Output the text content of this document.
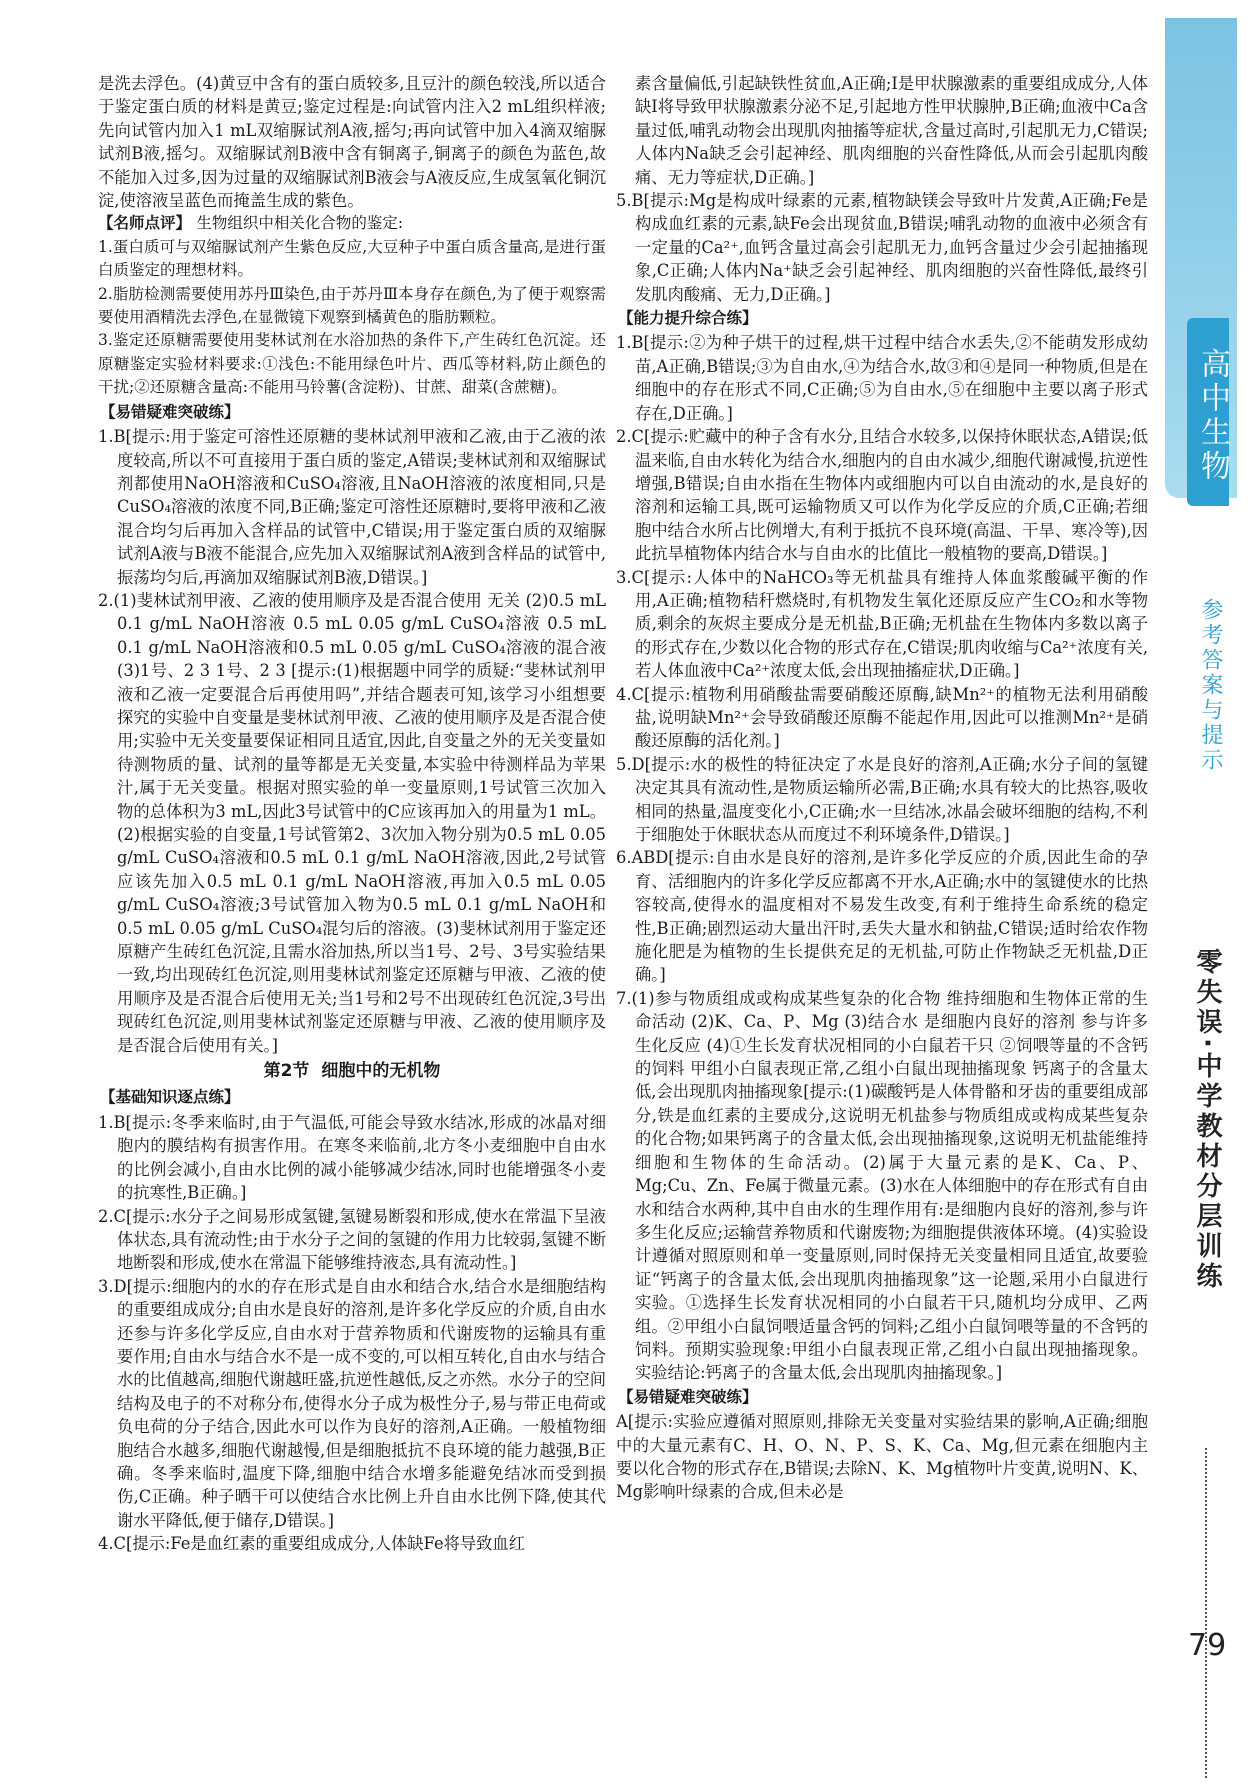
是洗去浮色。(4)黄豆中含有的蛋白质较多,且豆汁的颜色较浅,所以适合于鉴定蛋白质的材料是黄豆;鉴定过程是:向试管内注入2 mL组织样液;先向试管内加入1 mL双缩脲试剂A液,摇匀;再向试管中加入4滴双缩脲试剂B液,摇匀。双缩脲试剂B液中含有铜离子,铜离子的颜色为蓝色,故不能加入过多,因为过量的双缩脲试剂B液会与A液反应,生成氢氧化铜沉淀,使溶液呈蓝色而掩盖生成的紫色。

【名师点评】 生物组织中相关化合物的鉴定:

1.蛋白质可与双缩脲试剂产生紫色反应,大豆种子中蛋白质含量高,是进行蛋白质鉴定的理想材料。

2.脂肪检测需要使用苏丹Ⅲ染色,由于苏丹Ⅲ本身存在颜色,为了便于观察需要使用酒精洗去浮色,在显微镜下观察到橘黄色的脂肪颗粒。

3.鉴定还原糖需要使用斐林试剂在水浴加热的条件下,产生砖红色沉淀。还原糖鉴定实验材料要求:①浅色:不能用绿色叶片、西瓜等材料,防止颜色的干扰;②还原糖含量高:不能用马铃薯(含淀粉)、甘蔗、甜菜(含蔗糖)。

【易错疑难突破练】

1.B[提示:用于鉴定可溶性还原糖的斐林试剂甲液和乙液,由于乙液的浓度较高,所以不可直接用于蛋白质的鉴定,A错误;斐林试剂和双缩脲试剂都使用NaOH溶液和CuSO₄溶液,且NaOH溶液的浓度相同,只是CuSO₄溶液的浓度不同,B正确;鉴定可溶性还原糖时,要将甲液和乙液混合均匀后再加入含样品的试管中,C错误;用于鉴定蛋白质的双缩脲试剂A液与B液不能混合,应先加入双缩脲试剂A液到含样品的试管中,振荡均匀后,再滴加双缩脲试剂B液,D错误。]

2.(1)斐林试剂甲液、乙液的使用顺序及是否混合使用 无关 (2)0.5 mL 0.1 g/mL NaOH溶液 0.5 mL 0.05 g/mL CuSO₄溶液 0.5 mL 0.1 g/mL NaOH溶液和0.5 mL 0.05 g/mL CuSO₄溶液的混合液 (3)1号、2 3 1号、2 3 [提示:(1)根据题中同学的质疑:“斐林试剂甲液和乙液一定要混合后再使用吗”,并结合题表可知,该学习小组想要探究的实验中自变量是斐林试剂甲液、乙液的使用顺序及是否混合使用;实验中无关变量要保证相同且适宜,因此,自变量之外的无关变量如待测物质的量、试剂的量等都是无关变量,本实验中待测样品为苹果汁,属于无关变量。根据对照实验的单一变量原则,1号试管三次加入物的总体积为3 mL,因此3号试管中的C应该再加入的用量为1 mL。(2)根据实验的自变量,1号试管第2、3次加入物分别为0.5 mL 0.05 g/mL CuSO₄溶液和0.5 mL 0.1 g/mL NaOH溶液,因此,2号试管应该先加入0.5 mL 0.1 g/mL NaOH溶液,再加入0.5 mL 0.05 g/mL CuSO₄溶液;3号试管加入物为0.5 mL 0.1 g/mL NaOH和0.5 mL 0.05 g/mL CuSO₄混匀后的溶液。(3)斐林试剂用于鉴定还原糖产生砖红色沉淀,且需水浴加热,所以当1号、2号、3号实验结果一致,均出现砖红色沉淀,则用斐林试剂鉴定还原糖与甲液、乙液的使用顺序及是否混合后使用无关;当1号和2号不出现砖红色沉淀,3号出现砖红色沉淀,则用斐林试剂鉴定还原糖与甲液、乙液的使用顺序及是否混合后使用有关。]

第2节 细胞中的无机物

【基础知识逐点练】

1.B[提示:冬季来临时,由于气温低,可能会导致水结冰,形成的冰晶对细胞内的膜结构有损害作用。在寒冬来临前,北方冬小麦细胞中自由水的比例会减小,自由水比例的减小能够减少结冰,同时也能增强冬小麦的抗寒性,B正确。]

2.C[提示:水分子之间易形成氢键,氢键易断裂和形成,使水在常温下呈液体状态,具有流动性;由于水分子之间的氢键的作用力比较弱,氢键不断地断裂和形成,使水在常温下能够维持液态,具有流动性。]

3.D[提示:细胞内的水的存在形式是自由水和结合水,结合水是细胞结构的重要组成成分;自由水是良好的溶剂,是许多化学反应的介质,自由水还参与许多化学反应,自由水对于营养物质和代谢废物的运输具有重要作用;自由水与结合水不是一成不变的,可以相互转化,自由水与结合水的比值越高,细胞代谢越旺盛,抗逆性越低,反之亦然。水分子的空间结构及电子的不对称分布,使得水分子成为极性分子,易与带正电荷或负电荷的分子结合,因此水可以作为良好的溶剂,A正确。一般植物细胞结合水越多,细胞代谢越慢,但是细胞抵抗不良环境的能力越强,B正确。冬季来临时,温度下降,细胞中结合水增多能避免结冰而受到损伤,C正确。种子晒干可以使结合水比例上升自由水比例下降,使其代谢水平降低,便于储存,D错误。]

4.C[提示:Fe是血红素的重要组成成分,人体缺Fe将导致血红

素含量偏低,引起缺铁性贫血,A正确;I是甲状腺激素的重要组成成分,人体缺I将导致甲状腺激素分泌不足,引起地方性甲状腺肿,B正确;血液中Ca含量过低,哺乳动物会出现肌肉抽搐等症状,含量过高时,引起肌无力,C错误;人体内Na缺乏会引起神经、肌肉细胞的兴奋性降低,从而会引起肌肉酸痛、无力等症状,D正确。]

5.B[提示:Mg是构成叶绿素的元素,植物缺镁会导致叶片发黄,A正确;Fe是构成血红素的元素,缺Fe会出现贫血,B错误;哺乳动物的血液中必须含有一定量的Ca²⁺,血钙含量过高会引起肌无力,血钙含量过少会引起抽搐现象,C正确;人体内Na⁺缺乏会引起神经、肌肉细胞的兴奋性降低,最终引发肌肉酸痛、无力,D正确。]

【能力提升综合练】

1.B[提示:②为种子烘干的过程,烘干过程中结合水丢失,②不能萌发形成幼苗,A正确,B错误;③为自由水,④为结合水,故③和④是同一种物质,但是在细胞中的存在形式不同,C正确;⑤为自由水,⑤在细胞中主要以离子形式存在,D正确。]

2.C[提示:贮藏中的种子含有水分,且结合水较多,以保持休眠状态,A错误;低温来临,自由水转化为结合水,细胞内的自由水减少,细胞代谢减慢,抗逆性增强,B错误;自由水指在生物体内或细胞内可以自由流动的水,是良好的溶剂和运输工具,既可运输物质又可以作为化学反应的介质,C正确;若细胞中结合水所占比例增大,有利于抵抗不良环境(高温、干旱、寒冷等),因此抗旱植物体内结合水与自由水的比值比一般植物的要高,D错误。]

3.C[提示:人体中的NaHCO₃等无机盐具有维持人体血浆酸碱平衡的作用,A正确;植物秸秆燃烧时,有机物发生氧化还原反应产生CO₂和水等物质,剩余的灰烬主要成分是无机盐,B正确;无机盐在生物体内多数以离子的形式存在,少数以化合物的形式存在,C错误;肌肉收缩与Ca²⁺浓度有关,若人体血液中Ca²⁺浓度太低,会出现抽搐症状,D正确。]

4.C[提示:植物利用硝酸盐需要硝酸还原酶,缺Mn²⁺的植物无法利用硝酸盐,说明缺Mn²⁺会导致硝酸还原酶不能起作用,因此可以推测Mn²⁺是硝酸还原酶的活化剂。]

5.D[提示:水的极性的特征决定了水是良好的溶剂,A正确;水分子间的氢键决定其具有流动性,是物质运输所必需,B正确;水具有较大的比热容,吸收相同的热量,温度变化小,C正确;水一旦结冰,冰晶会破坏细胞的结构,不利于细胞处于休眠状态从而度过不利环境条件,D错误。]

6.ABD[提示:自由水是良好的溶剂,是许多化学反应的介质,因此生命的孕育、活细胞内的许多化学反应都离不开水,A正确;水中的氢键使水的比热容较高,使得水的温度相对不易发生改变,有利于维持生命系统的稳定性,B正确;剧烈运动大量出汗时,丢失大量水和钠盐,C错误;适时给农作物施化肥是为植物的生长提供充足的无机盐,可防止作物缺乏无机盐,D正确。]

7.(1)参与物质组成或构成某些复杂的化合物 维持细胞和生物体正常的生命活动 (2)K、Ca、P、Mg (3)结合水 是细胞内良好的溶剂 参与许多生化反应 (4)①生长发育状况相同的小白鼠若干只 ②饲喂等量的不含钙的饲料 甲组小白鼠表现正常,乙组小白鼠出现抽搐现象 钙离子的含量太低,会出现肌肉抽搐现象[提示:(1)碳酸钙是人体骨骼和牙齿的重要组成部分,铁是血红素的主要成分,这说明无机盐参与物质组成或构成某些复杂的化合物;如果钙离子的含量太低,会出现抽搐现象,这说明无机盐能维持细胞和生物体的生命活动。(2)属于大量元素的是K、Ca、P、Mg;Cu、Zn、Fe属于微量元素。(3)水在人体细胞中的存在形式有自由水和结合水两种,其中自由水的生理作用有:是细胞内良好的溶剂,参与许多生化反应;运输营养物质和代谢废物;为细胞提供液体环境。(4)实验设计遵循对照原则和单一变量原则,同时保持无关变量相同且适宜,故要验证“钙离子的含量太低,会出现肌肉抽搐现象”这一论题,采用小白鼠进行实验。①选择生长发育状况相同的小白鼠若干只,随机均分成甲、乙两组。②甲组小白鼠饲喂适量含钙的饲料;乙组小白鼠饲喂等量的不含钙的饲料。预期实验现象:甲组小白鼠表现正常,乙组小白鼠出现抽搐现象。实验结论:钙离子的含量太低,会出现肌肉抽搐现象。]

【易错疑难突破练】

A[提示:实验应遵循对照原则,排除无关变量对实验结果的影响,A正确;细胞中的大量元素有C、H、O、N、P、S、K、Ca、Mg,但元素在细胞内主要以化合物的形式存在,B错误;去除N、K、Mg植物叶片变黄,说明N、K、Mg影响叶绿素的合成,但未必是

高中生物
参考答案与提示
零失误·中学教材分层训练
79
